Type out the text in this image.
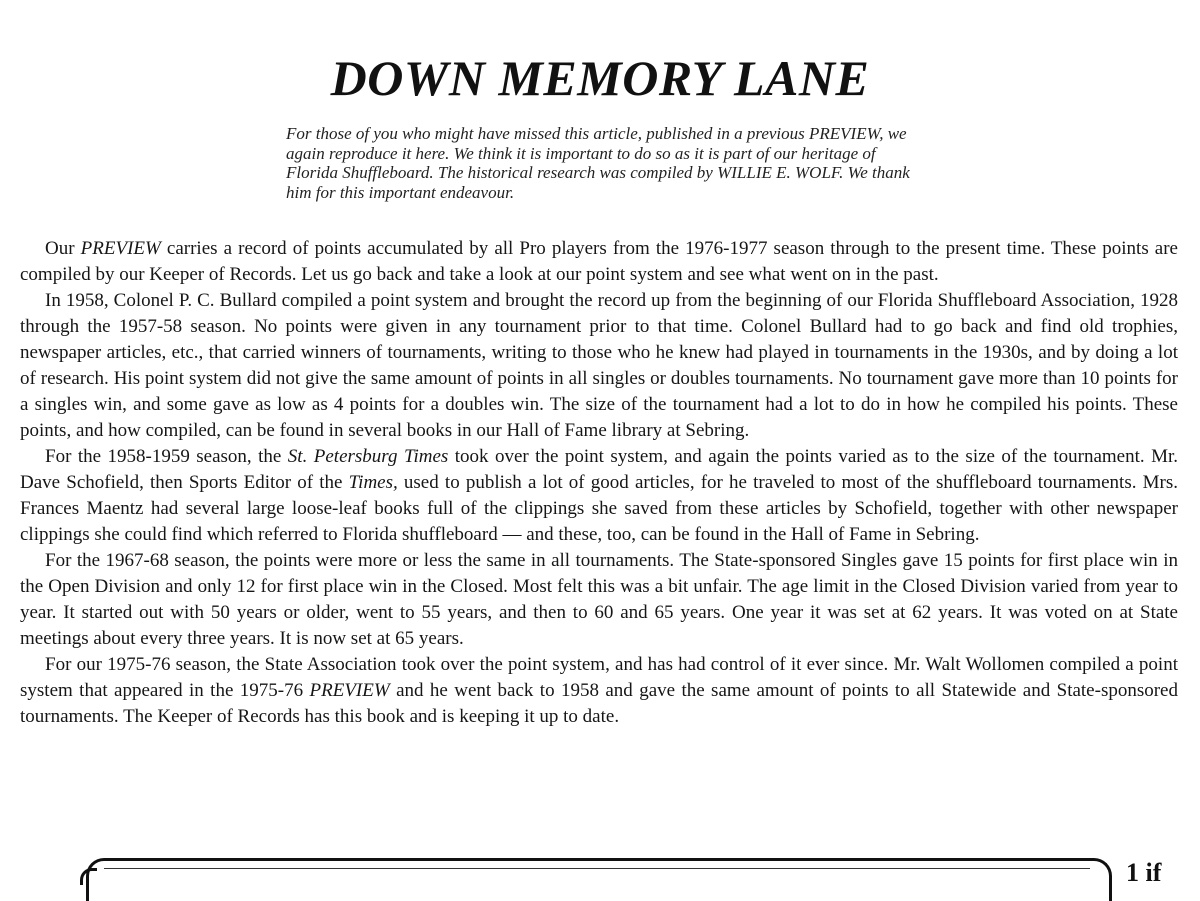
DOWN MEMORY LANE

For those of you who might have missed this article, published in a previous PREVIEW, we again reproduce it here. We think it is important to do so as it is part of our heritage of Florida Shuffleboard. The historical research was compiled by WILLIE E. WOLF. We thank him for this important endeavour.

Our PREVIEW carries a record of points accumulated by all Pro players from the 1976-1977 season through to the present time. These points are compiled by our Keeper of Records. Let us go back and take a look at our point system and see what went on in the past.

In 1958, Colonel P. C. Bullard compiled a point system and brought the record up from the beginning of our Florida Shuffleboard Association, 1928 through the 1957-58 season. No points were given in any tournament prior to that time. Colonel Bullard had to go back and find old trophies, newspaper articles, etc., that carried winners of tournaments, writing to those who he knew had played in tournaments in the 1930s, and by doing a lot of research. His point system did not give the same amount of points in all singles or doubles tournaments. No tournament gave more than 10 points for a singles win, and some gave as low as 4 points for a doubles win. The size of the tournament had a lot to do in how he compiled his points. These points, and how compiled, can be found in several books in our Hall of Fame library at Sebring.

For the 1958-1959 season, the St. Petersburg Times took over the point system, and again the points varied as to the size of the tournament. Mr. Dave Schofield, then Sports Editor of the Times, used to publish a lot of good articles, for he traveled to most of the shuffleboard tournaments. Mrs. Frances Maentz had several large loose-leaf books full of the clippings she saved from these articles by Schofield, together with other newspaper clippings she could find which referred to Florida shuffleboard — and these, too, can be found in the Hall of Fame in Sebring.

For the 1967-68 season, the points were more or less the same in all tournaments. The State-sponsored Singles gave 15 points for first place win in the Open Division and only 12 for first place win in the Closed. Most felt this was a bit unfair. The age limit in the Closed Division varied from year to year. It started out with 50 years or older, went to 55 years, and then to 60 and 65 years. One year it was set at 62 years. It was voted on at State meetings about every three years. It is now set at 65 years.

For our 1975-76 season, the State Association took over the point system, and has had control of it ever since. Mr. Walt Wollomen compiled a point system that appeared in the 1975-76 PREVIEW and he went back to 1958 and gave the same amount of points to all Statewide and State-sponsored tournaments. The Keeper of Records has this book and is keeping it up to date.

1 if
